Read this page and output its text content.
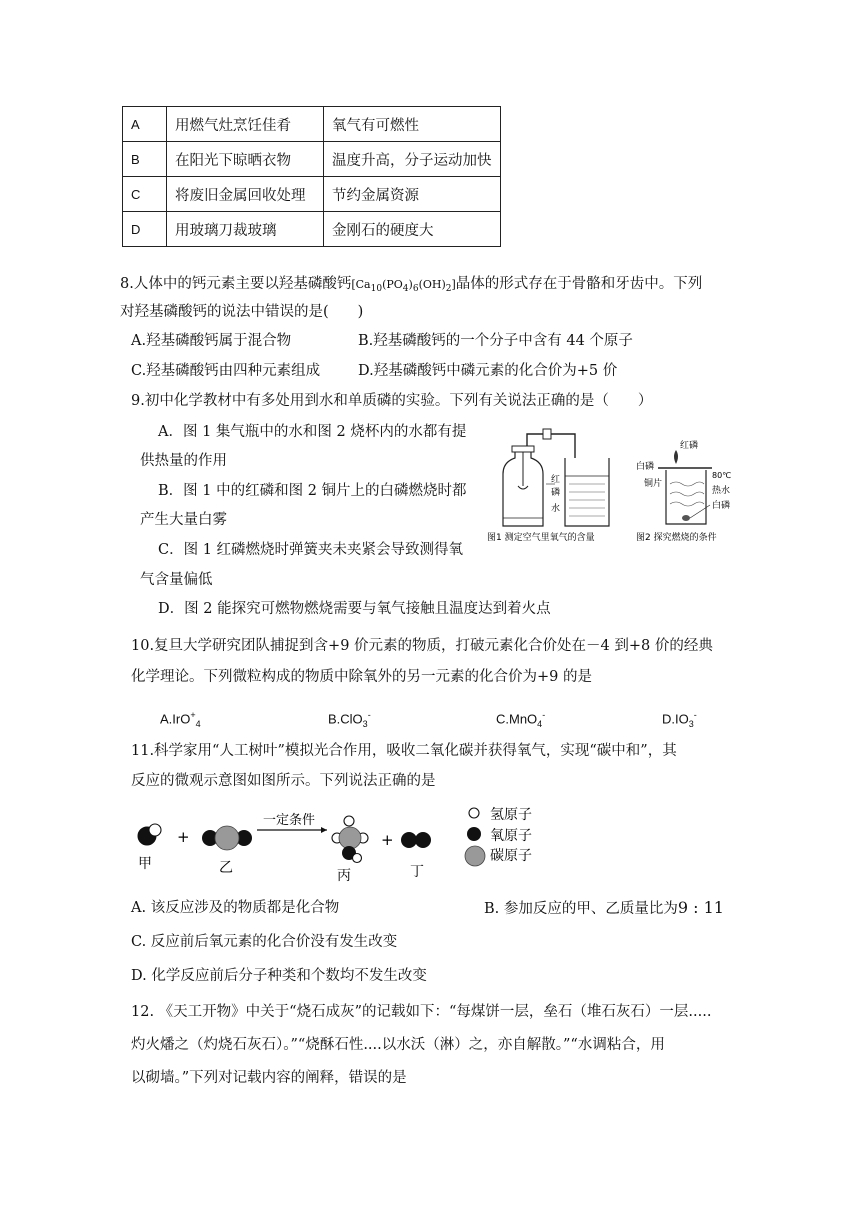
A	用燃气灶烹饪佳肴	氧气有可燃性
B	在阳光下晾晒衣物	温度升高，分子运动加快
C	将废旧金属回收处理	节约金属资源
D	用玻璃刀裁玻璃	金刚石的硬度大
8.人体中的钙元素主要以羟基磷酸钙$[Ca_{10}(PO_4)_6(OH)_2]$晶体的形式存在于骨骼和牙齿中。下列
对羟基磷酸钙的说法中错误的是(　　)
A.羟基磷酸钙属于混合物	B.羟基磷酸钙的一个分子中含有 44 个原子
C.羟基磷酸钙由四种元素组成	D.羟基磷酸钙中磷元素的化合价为+5 价
9.初中化学教材中有多处用到水和单质磷的实验。下列有关说法正确的是（　　）
A．图 1 集气瓶中的水和图 2 烧杯内的水都有提
供热量的作用
B．图 1 中的红磷和图 2 铜片上的白磷燃烧时都
产生大量白雾
C．图 1 红磷燃烧时弹簧夹未夹紧会导致测得氧
气含量偏低
D．图 2 能探究可燃物燃烧需要与氧气接触且温度达到着火点
红
磷
水
图1 测定空气里氧气的含量
红磷
白磷
铜片
80℃
热水
白磷
图2 探究燃烧的条件
10.复旦大学研究团队捕捉到含+9 价元素的物质，打破元素化合价处在－4 到+8 价的经典
化学理论。下列微粒构成的物质中除氧外的另一元素的化合价为+9 的是
A.IrO+$_4$	B.ClO$_3$-	C.MnO$_4$-	$D.IO_3^-$
11.科学家用“人工树叶”模拟光合作用，吸收二氧化碳并获得氧气，实现“碳中和”，其
反应的微观示意图如图所示。下列说法正确的是
+
一定条件
+
甲	乙	丙	丁
氢原子
氧原子
碳原子
A. 该反应涉及的物质都是化合物	B. 参加反应的甲、乙质量比为9 : 11
C. 反应前后氧元素的化合价没有发生改变
D. 化学反应前后分子种类和个数均不发生改变
12. 《天工开物》中关于“烧石成灰”的记载如下：“每煤饼一层，垒石（堆石灰石）一层.....
灼火燔之（灼烧石灰石）。”“烧酥石性....以水沃（淋）之，亦自解散。”“水调粘合，用
以砌墙。”下列对记载内容的阐释，错误的是
